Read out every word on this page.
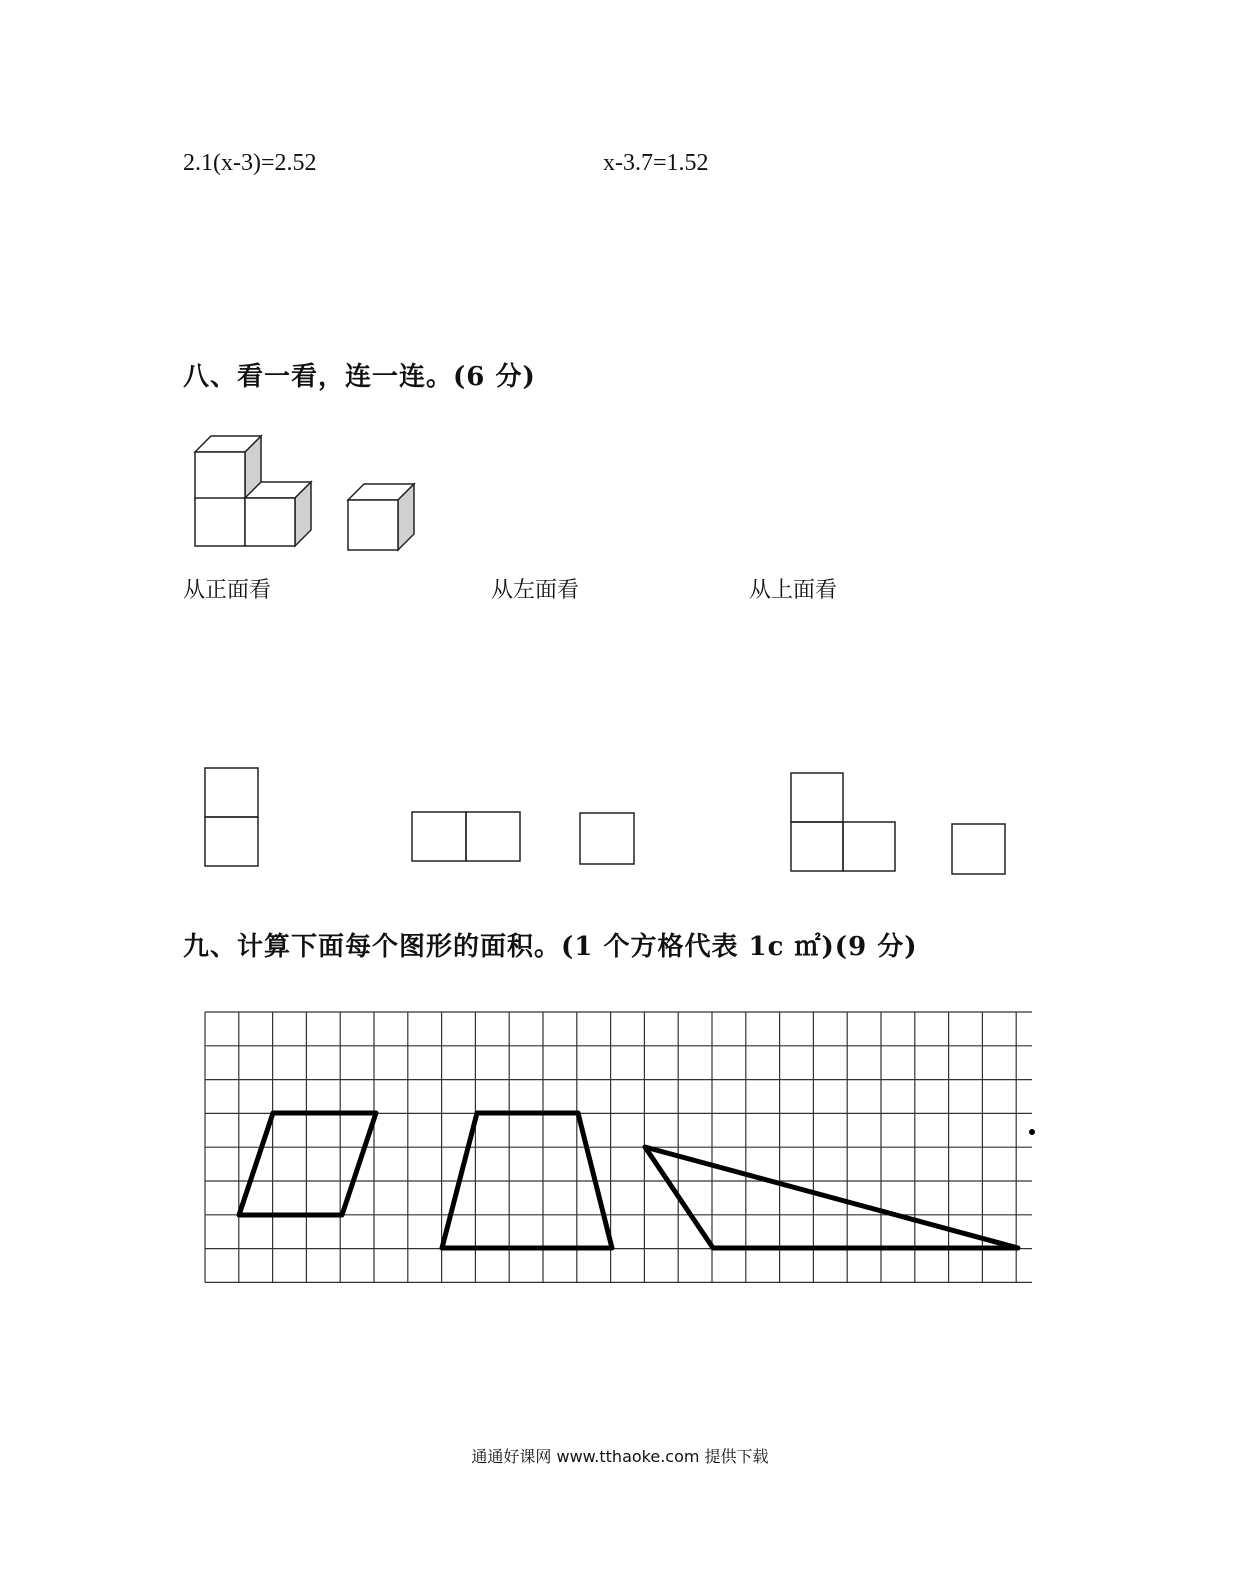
2.1(x-3)=2.52	x-3.7=1.52
八、看一看，连一连。(6 分)
从正面看	从左面看	从上面看
九、计算下面每个图形的面积。(1 个方格代表 1c ㎡)(9 分)
通通好课网 www.tthaoke.com 提供下载
